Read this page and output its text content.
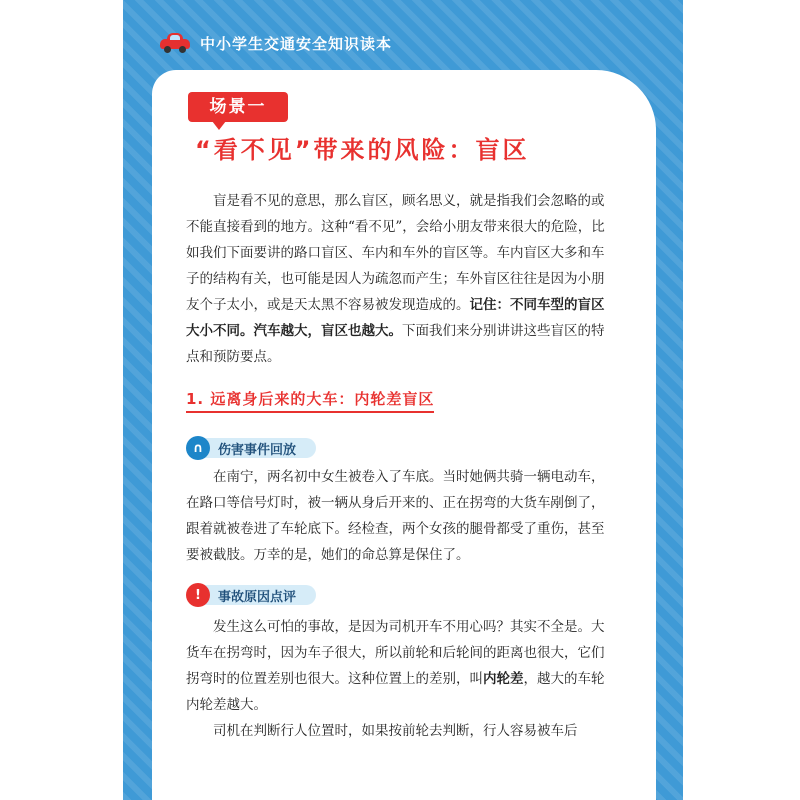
中小学生交通安全知识读本
场景一
“看不见”带来的风险：盲区
盲是看不见的意思，那么盲区，顾名思义，就是指我们会忽略的或不能直接看到的地方。这种“看不见”，会给小朋友带来很大的危险，比如我们下面要讲的路口盲区、车内和车外的盲区等。车内盲区大多和车子的结构有关，也可能是因人为疏忽而产生；车外盲区往往是因为小朋友个子太小，或是天太黑不容易被发现造成的。记住：不同车型的盲区大小不同。汽车越大，盲区也越大。下面我们来分别讲讲这些盲区的特点和预防要点。
1. 远离身后来的大车：内轮差盲区
∩	伤害事件回放
在南宁，两名初中女生被卷入了车底。当时她俩共骑一辆电动车，在路口等信号灯时，被一辆从身后开来的、正在拐弯的大货车剐倒了，跟着就被卷进了车轮底下。经检查，两个女孩的腿骨都受了重伤，甚至要被截肢。万幸的是，她们的命总算是保住了。
!	事故原因点评
发生这么可怕的事故，是因为司机开车不用心吗？其实不全是。大货车在拐弯时，因为车子很大，所以前轮和后轮间的距离也很大，它们拐弯时的位置差别也很大。这种位置上的差别，叫内轮差，越大的车轮内轮差越大。
司机在判断行人位置时，如果按前轮去判断，行人容易被车后
16
